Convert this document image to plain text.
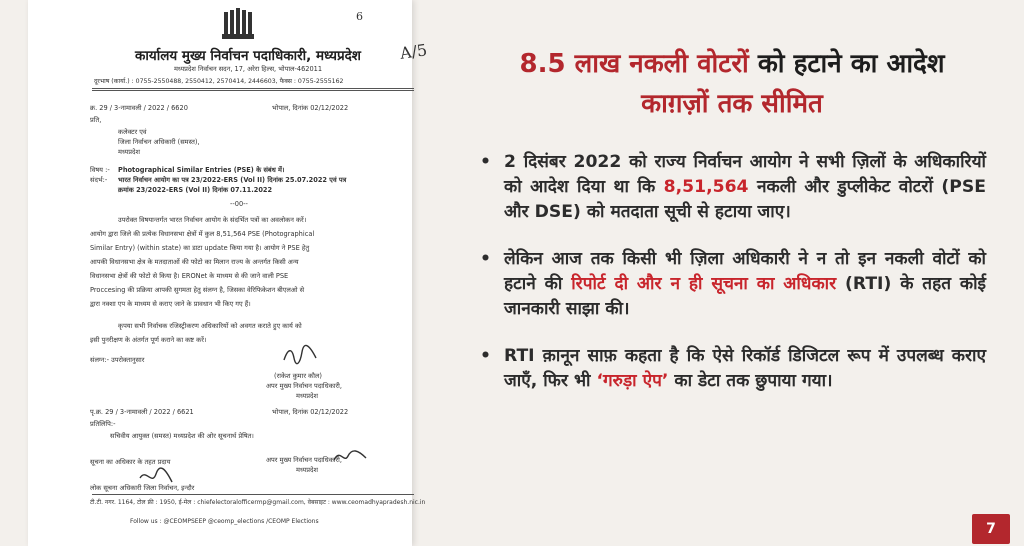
6
A/5
कार्यालय मुख्य निर्वाचन पदाधिकारी, मध्यप्रदेश
मध्यप्रदेश निर्वाचन सदन, 17, अरेरा हिल्स, भोपाल-462011
दूरभाष (कार्या.) : 0755-2550488, 2550412, 2570414, 2446603, फैक्स : 0755-2555162
क्र. 29 / 3-नामावली / 2022 / 6620	भोपाल, दिनांक 02/12/2022
प्रति,
कलेक्टर एवं
जिला निर्वाचन अधिकारी (समस्त),
मध्यप्रदेश
विषय :- Photographical Similar Entries (PSE) के संबंध में।
संदर्भ:- भारत निर्वाचन आयोग का पत्र 23/2022-ERS (Vol II) दिनांक 25.07.2022 एवं पत्र
क्रमांक 23/2022-ERS (Vol II) दिनांक 07.11.2022
--00--
उपरोक्त विषयान्तर्गत भारत निर्वाचन आयोग के संदर्भित पत्रों का अवलोकन करें।
आयोग द्वारा जिले की प्रत्येक विधानसभा क्षेत्रों में कुल 8,51,564 PSE (Photographical
Similar Entry) (within state) का डाटा update किया गया है। आयोग ने PSE हेतु
आपकी विधानसभा क्षेत्र के मतदाताओं की फोटो का मिलान राज्य के अन्तर्गत किसी अन्य
विधानसभा क्षेत्रों की फोटो से किया है। ERONet के माध्यम से की जाने वाली PSE
Proccesing की प्रक्रिया आपकी सुगमता हेतु संलग्न है, जिसका वेरिफिकेशन बीएलओ से
द्वारा नक्शा एप के माध्यम से कराए जाने के प्रावधान भी किए गए हैं।
कृपया सभी निर्वाचक रजिस्ट्रीकरण अधिकारियों को अवगत कराते हुए कार्य को
इसी पुनरीक्षण के अंतर्गत पूर्ण कराने का कष्ट करें।
संलग्न:- उपरोक्तानुसार
(राकेश कुमार कौल)
अपर मुख्य निर्वाचन पदाधिकारी,
मध्यप्रदेश
पृ.क्र. 29 / 3-नामावली / 2022 / 6621	भोपाल, दिनांक 02/12/2022
प्रतिलिपि:-
सचिवीय आयुक्त (समस्त) मध्यप्रदेश की ओर सूचनार्थ प्रेषित।
सूचना का अधिकार के तहत प्रदाय	अपर मुख्य निर्वाचन पदाधिकारी,
मध्यप्रदेश
लोक सूचना अधिकारी जिला निर्वाचन, इन्दौर
टी.टी. नगर. 1164, टोल फ्री : 1950, ई-मेल : chiefelectoralofficermp@gmail.com, वेबसाइट : www.ceomadhyapradesh.nic.in
Follow us : @CEOMPSEEP @ceomp_elections /CEOMP Elections
8.5 लाख नकली वोटरों को हटाने का आदेश
काग़ज़ों तक सीमित
• 2 दिसंबर 2022 को राज्य निर्वाचन आयोग ने सभी ज़िलों के अधिकारियों को आदेश दिया था कि 8,51,564 नकली और डुप्लीकेट वोटरों (PSE और DSE) को मतदाता सूची से हटाया जाए।
• लेकिन आज तक किसी भी ज़िला अधिकारी ने न तो इन नकली वोटों को हटाने की रिपोर्ट दी और न ही सूचना का अधिकार (RTI) के तहत कोई जानकारी साझा की।
• RTI क़ानून साफ़ कहता है कि ऐसे रिकॉर्ड डिजिटल रूप में उपलब्ध कराए जाएँ, फिर भी ‘गरुड़ा ऐप’ का डेटा तक छुपाया गया।
7
